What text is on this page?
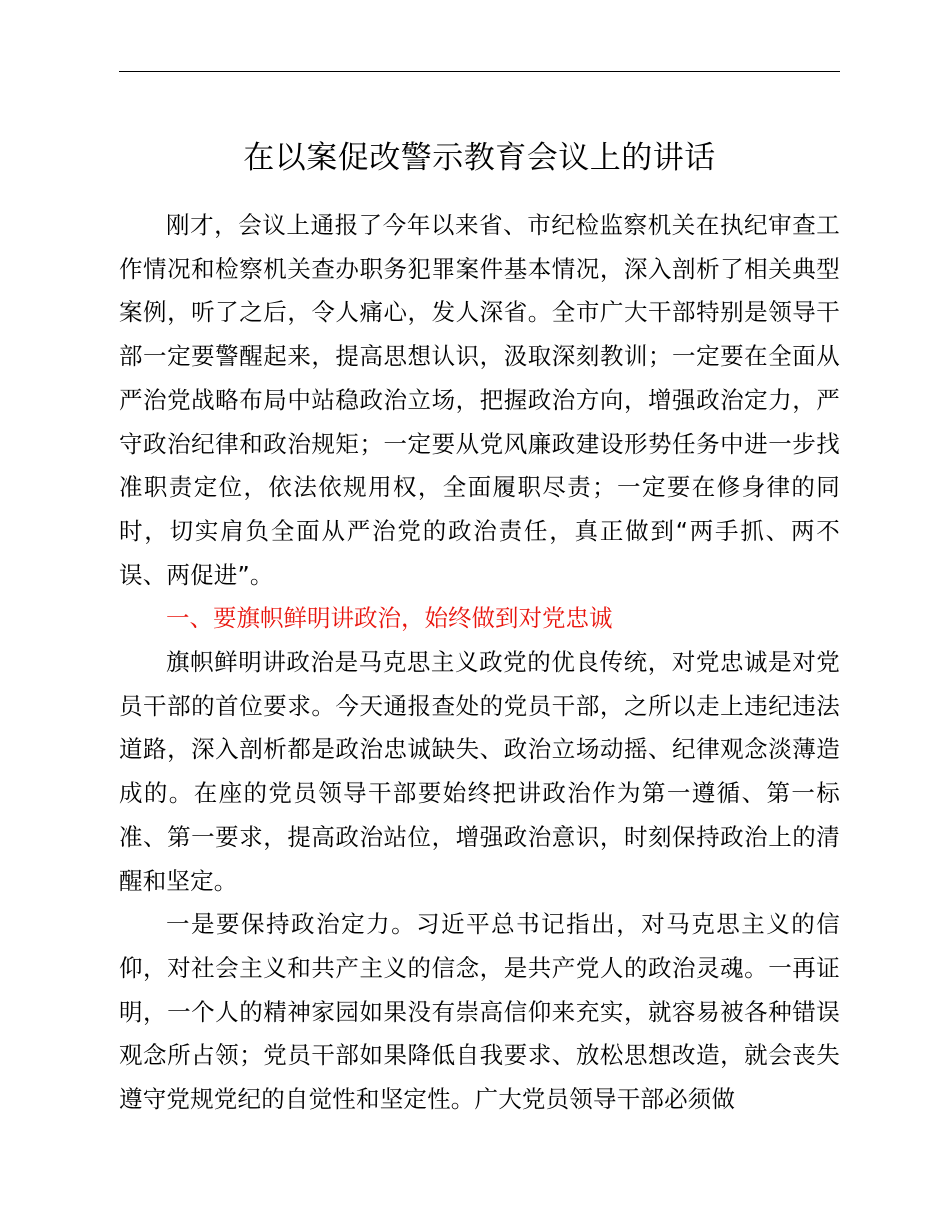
在以案促改警示教育会议上的讲话

刚才，会议上通报了今年以来省、市纪检监察机关在执纪审查工作情况和检察机关查办职务犯罪案件基本情况，深入剖析了相关典型案例，听了之后，令人痛心，发人深省。全市广大干部特别是领导干部一定要警醒起来，提高思想认识，汲取深刻教训；一定要在全面从严治党战略布局中站稳政治立场，把握政治方向，增强政治定力，严守政治纪律和政治规矩；一定要从党风廉政建设形势任务中进一步找准职责定位，依法依规用权，全面履职尽责；一定要在修身律的同时，切实肩负全面从严治党的政治责任，真正做到“两手抓、两不误、两促进”。

一、要旗帜鲜明讲政治，始终做到对党忠诚

旗帜鲜明讲政治是马克思主义政党的优良传统，对党忠诚是对党员干部的首位要求。今天通报查处的党员干部，之所以走上违纪违法道路，深入剖析都是政治忠诚缺失、政治立场动摇、纪律观念淡薄造成的。在座的党员领导干部要始终把讲政治作为第一遵循、第一标准、第一要求，提高政治站位，增强政治意识，时刻保持政治上的清醒和坚定。

一是要保持政治定力。习近平总书记指出，对马克思主义的信仰，对社会主义和共产主义的信念，是共产党人的政治灵魂。一再证明，一个人的精神家园如果没有崇高信仰来充实，就容易被各种错误观念所占领；党员干部如果降低自我要求、放松思想改造，就会丧失遵守党规党纪的自觉性和坚定性。广大党员领导干部必须做
